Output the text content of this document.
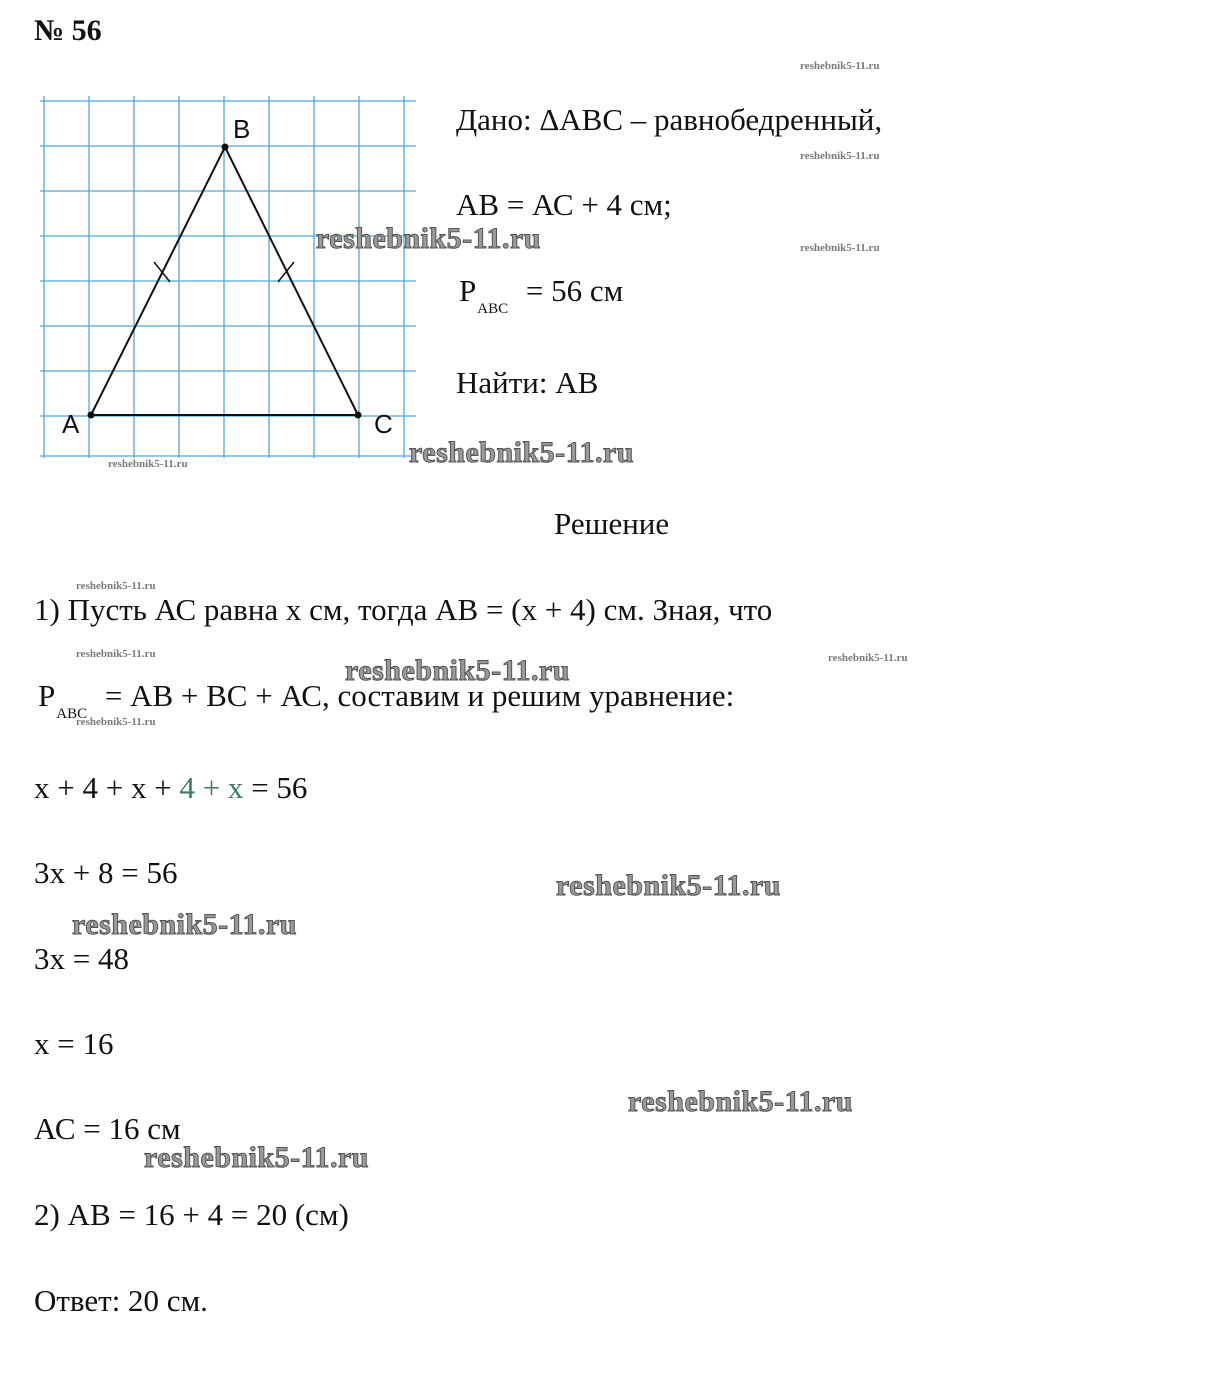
№ 56
B
A	C
Дано: ΔАВС – равнобедренный,
АВ = АС + 4 см;
$P_{ABC} = 56$ см
Найти: АВ
Решение
1) Пусть АС равна х см, тогда АВ = (х + 4) см. Зная, что
$P_{ABC}$ = АВ + ВС + АС, составим и решим уравнение:
х + 4 + х + 4 + х = 56
3х + 8 = 56
3х = 48
х = 16
АС = 16 см
2) АВ = 16 + 4 = 20 (см)
Ответ: 20 см.
reshebnik5-11.ru
reshebnik5-11.ru
reshebnik5-11.ru
reshebnik5-11.ru
reshebnik5-11.ru
reshebnik5-11.ru	reshebnik5-11.ru
reshebnik5-11.ru
reshebnik5-11.ru
reshebnik5-11.ru
reshebnik5-11.ru
reshebnik5-11.ru
reshebnik5-11.ru
reshebnik5-11.ru
reshebnik5-11.ru
